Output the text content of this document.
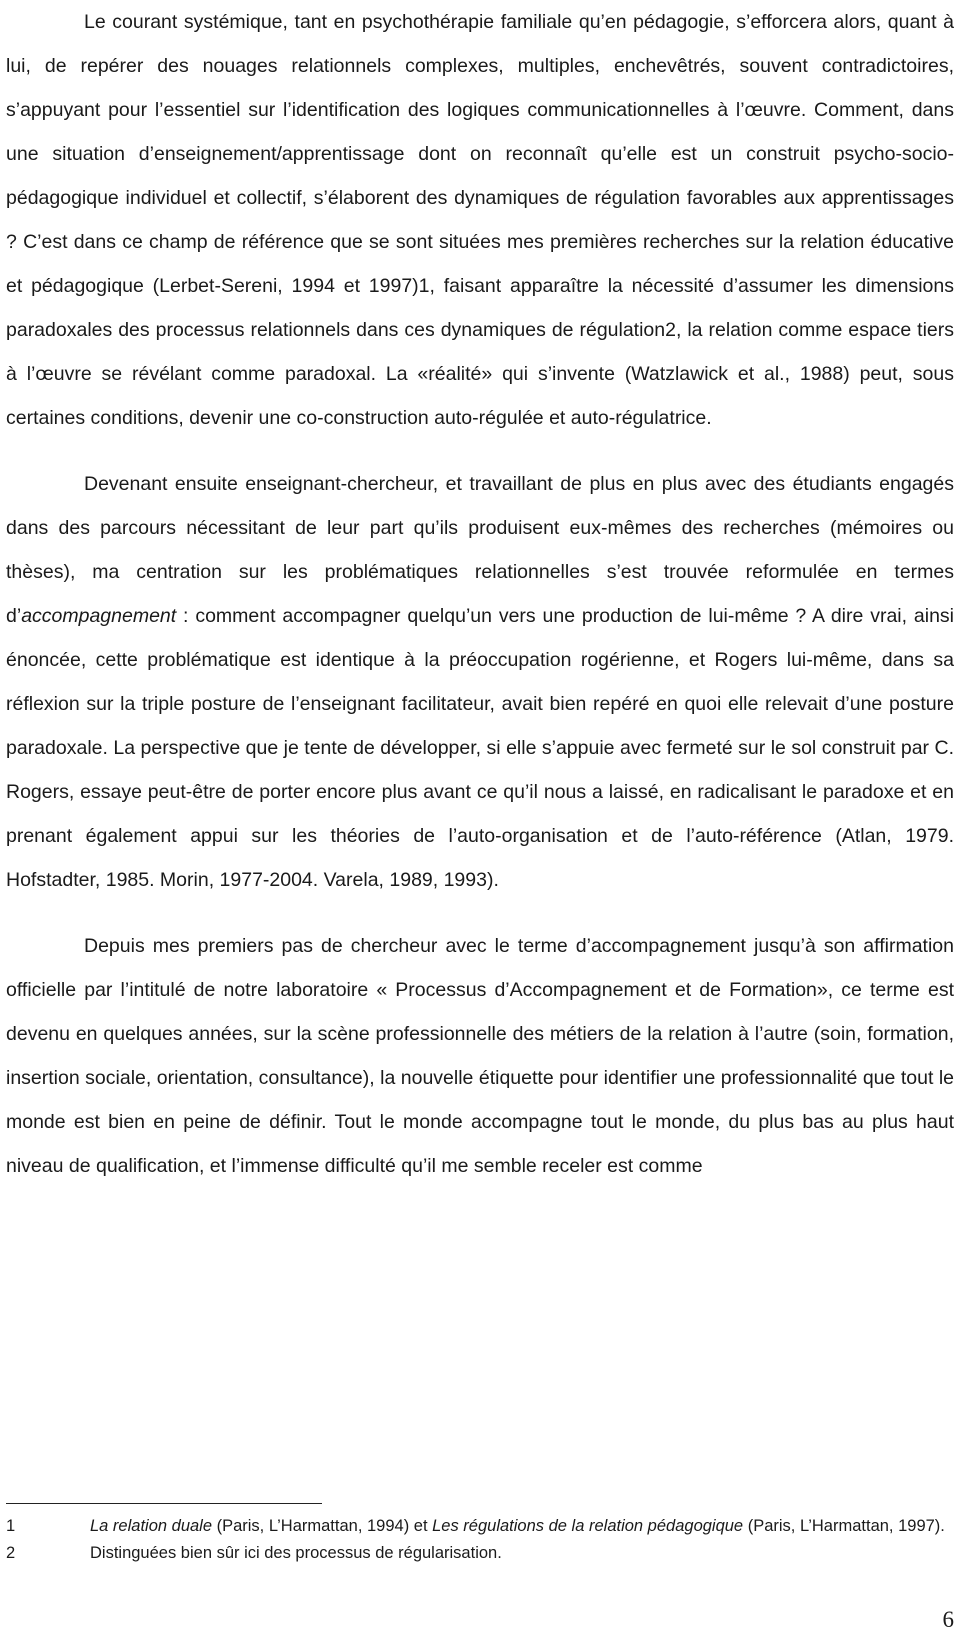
Le courant systémique, tant en psychothérapie familiale qu’en pédagogie, s’efforcera alors, quant à lui, de repérer des nouages relationnels complexes, multiples, enchevêtrés, souvent contradictoires, s’appuyant pour l’essentiel sur l’identification des logiques communicationnelles à l’œuvre. Comment, dans une situation d’enseignement/apprentissage dont on reconnaît qu’elle est un construit psycho-socio-pédagogique individuel et collectif, s’élaborent des dynamiques de régulation favorables aux apprentissages ? C’est dans ce champ de référence que se sont situées mes premières recherches sur la relation éducative et pédagogique (Lerbet-Sereni, 1994 et 1997)1, faisant apparaître la nécessité d’assumer les dimensions paradoxales des processus relationnels dans ces dynamiques de régulation2, la relation comme espace tiers à l’œuvre se révélant comme paradoxal. La «réalité» qui s’invente (Watzlawick et al., 1988) peut, sous certaines conditions, devenir une co-construction auto-régulée et auto-régulatrice.

Devenant ensuite enseignant-chercheur, et travaillant de plus en plus avec des étudiants engagés dans des parcours nécessitant de leur part qu’ils produisent eux-mêmes des recherches (mémoires ou thèses), ma centration sur les problématiques relationnelles s’est trouvée reformulée en termes d’accompagnement : comment accompagner quelqu’un vers une production de lui-même ? A dire vrai, ainsi énoncée, cette problématique est identique à la préoccupation rogérienne, et Rogers lui-même, dans sa réflexion sur la triple posture de l’enseignant facilitateur, avait bien repéré en quoi elle relevait d’une posture paradoxale. La perspective que je tente de développer, si elle s’appuie avec fermeté sur le sol construit par C. Rogers, essaye peut-être de porter encore plus avant ce qu’il nous a laissé, en radicalisant le paradoxe et en prenant également appui sur les théories de l’auto-organisation et de l’auto-référence (Atlan, 1979. Hofstadter, 1985. Morin, 1977-2004. Varela, 1989, 1993).

Depuis mes premiers pas de chercheur avec le terme d’accompagnement jusqu’à son affirmation officielle par l’intitulé de notre laboratoire « Processus d’Accompagnement et de Formation», ce terme est devenu en quelques années, sur la scène professionnelle des métiers de la relation à l’autre (soin, formation, insertion sociale, orientation, consultance), la nouvelle étiquette pour identifier une professionnalité que tout le monde est bien en peine de définir. Tout le monde accompagne tout le monde, du plus bas au plus haut niveau de qualification, et l’immense difficulté qu’il me semble receler est comme

1	La relation duale (Paris, L’Harmattan, 1994) et Les régulations de la relation pédagogique (Paris, L’Harmattan, 1997).

2	Distinguées bien sûr ici des processus de régularisation.

6
